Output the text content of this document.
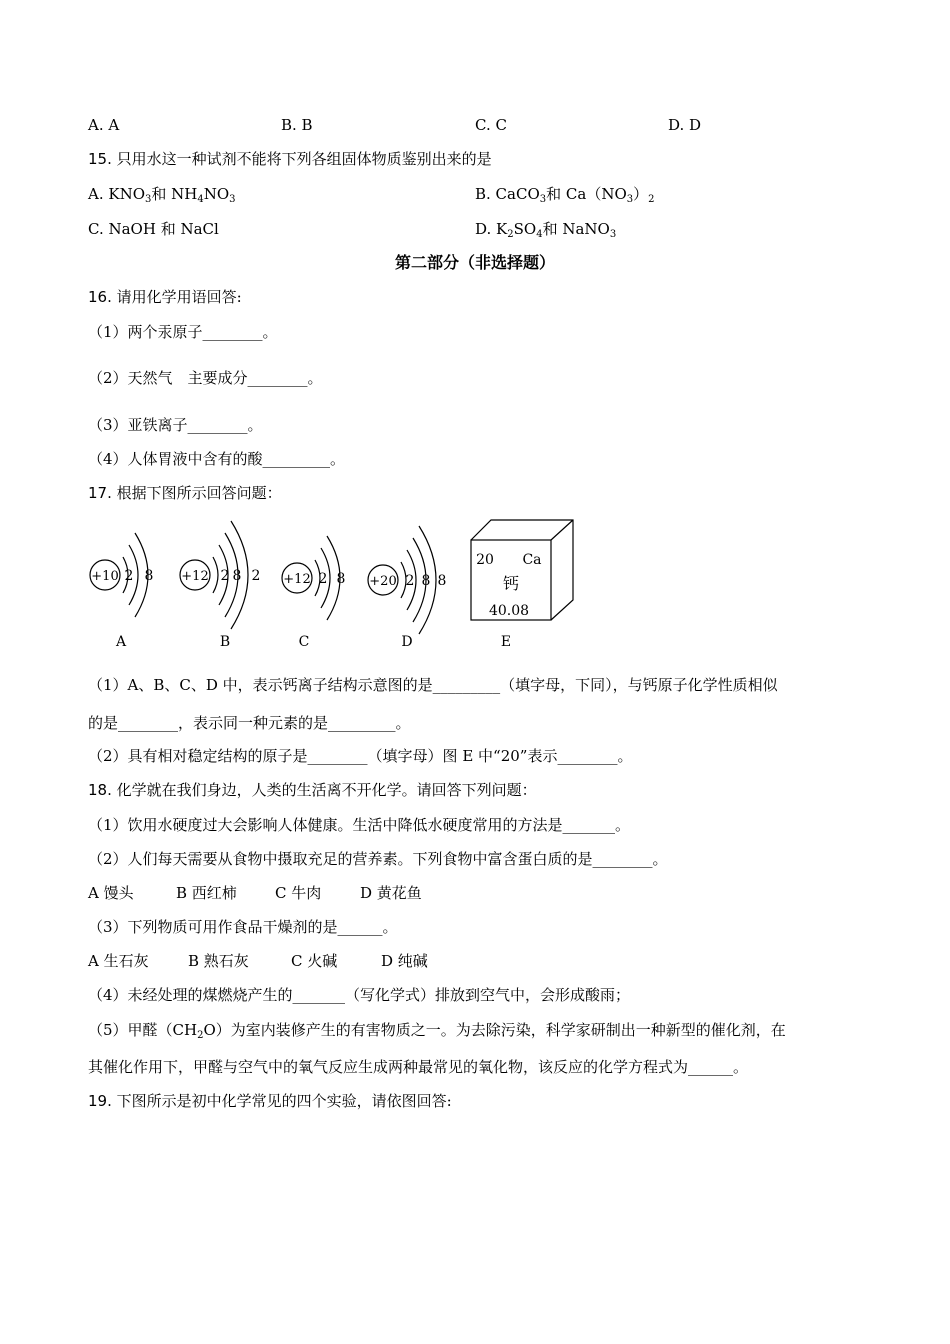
A. A	B. B	C. C	D. D
15. 只用水这一种试剂不能将下列各组固体物质鉴别出来的是
A. $KNO_3$和 $NH_4NO_3$	B. CaCO$_3$和 $Ca(NO_3)_2$
C. NaOH 和 NaCl	D. $K_2SO_4$和 NaNO$_3$
第二部分（非选择题）
16. 请用化学用语回答:
（1）两个汞原子________。
（2）天然气　主要成分________。
（3）亚铁离子________。
（4）人体胃液中含有的酸_________。
17. 根据下图所示回答问题：
+10 2 8 +12 2 8 2 +12 2 8 +20 2 8 8
20 Ca
钙
40.08
A	B	C	D	E
（1）A、B、C、D 中，表示钙离子结构示意图的是_________（填字母，下同），与钙原子化学性质相似
的是________，表示同一种元素的是_________。
（2）具有相对稳定结构的原子是________（填字母）图 E 中“20”表示________。
18. 化学就在我们身边，人类的生活离不开化学。请回答下列问题：
（1）饮用水硬度过大会影响人体健康。生活中降低水硬度常用的方法是_______。
（2）人们每天需要从食物中摄取充足的营养素。下列食物中富含蛋白质的是________。
A 馒头	B 西红柿	C 牛肉	D 黄花鱼
（3）下列物质可用作食品干燥剂的是______。
A 生石灰	B 熟石灰	C 火碱	D 纯碱
（4）未经处理的煤燃烧产生的_______（写化学式）排放到空气中，会形成酸雨；
（5）甲醛$(CH_2O)$为室内装修产生的有害物质之一。为去除污染，科学家研制出一种新型的催化剂，在
其催化作用下，甲醛与空气中的氧气反应生成两种最常见的氧化物，该反应的化学方程式为______。
19. 下图所示是初中化学常见的四个实验，请依图回答:
